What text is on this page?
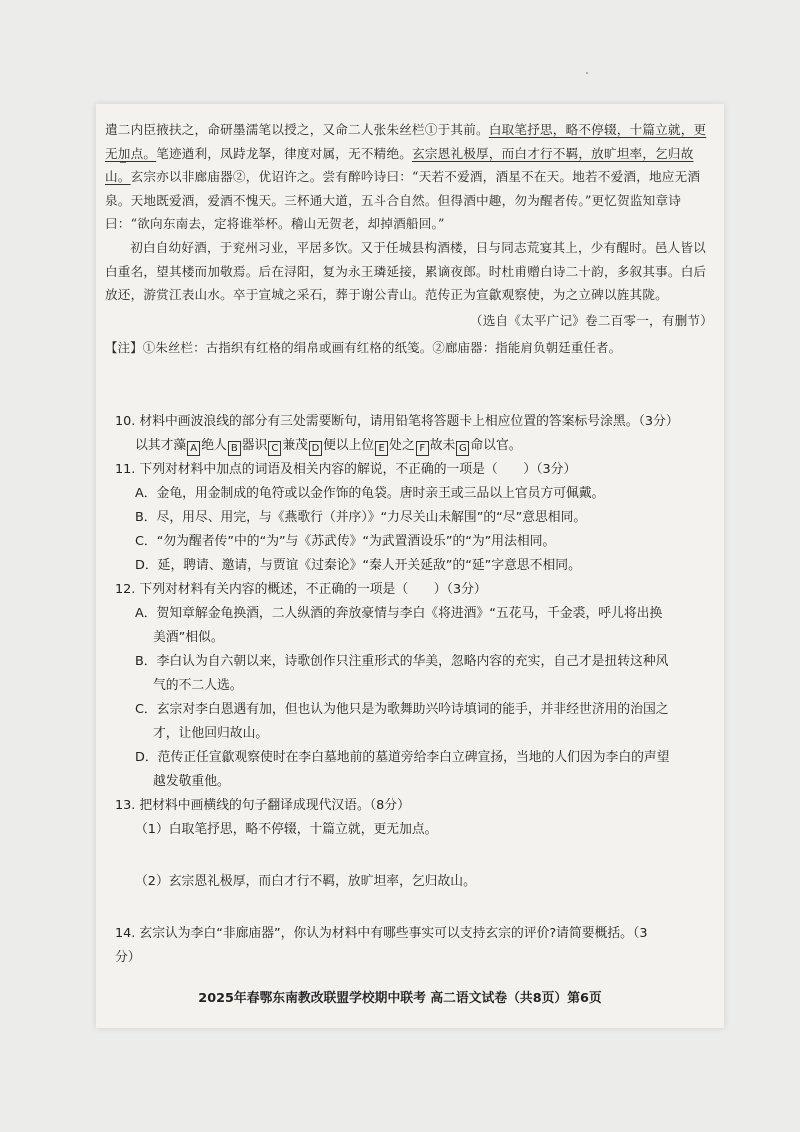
遣二内臣掖扶之，命研墨濡笔以授之，又命二人张朱丝栏①于其前。白取笔抒思，略不停辍，十篇立就，更无加点。笔迹遒利，凤跱龙拏，律度对属，无不精绝。玄宗恩礼极厚，而白才行不羁，放旷坦率，乞归故山。玄宗亦以非廊庙器②，优诏许之。尝有醉吟诗曰：“天若不爱酒，酒星不在天。地若不爱酒，地应无酒泉。天地既爱酒，爱酒不愧天。三杯通大道，五斗合自然。但得酒中趣，勿为醒者传。”更忆贺监知章诗曰：“欲向东南去，定将谁举杯。稽山无贺老，却掉酒船回。”

初白自幼好酒，于兖州习业，平居多饮。又于任城县构酒楼，日与同志荒宴其上，少有醒时。邑人皆以白重名，望其楼而加敬焉。后在浔阳，复为永王璘延接，累谪夜郎。时杜甫赠白诗二十韵，多叙其事。白后放还，游赏江表山水。卒于宣城之采石，葬于谢公青山。范传正为宣歙观察使，为之立碑以旌其陇。

（选自《太平广记》卷二百零一，有删节）

【注】①朱丝栏：古指织有红格的绢帛或画有红格的纸笺。②廊庙器：指能肩负朝廷重任者。

10. 材料中画波浪线的部分有三处需要断句，请用铅笔将答题卡上相应位置的答案标号涂黑。（3分）

以其才藻 A 绝人 B 器识 C 兼茂 D 便以上位 E 处之 F 故未 G 命以官。

11. 下列对材料中加点的词语及相关内容的解说，不正确的一项是（　　）（3分）

A．金龟，用金制成的龟符或以金作饰的龟袋。唐时亲王或三品以上官员方可佩戴。

B．尽，用尽、用完，与《燕歌行（并序）》“力尽关山未解围”的“尽”意思相同。

C．“勿为醒者传”中的“为”与《苏武传》“为武置酒设乐”的“为”用法相同。

D．延，聘请、邀请，与贾谊《过秦论》“秦人开关延敌”的“延”字意思不相同。

12. 下列对材料有关内容的概述，不正确的一项是（　　）（3分）

A．贺知章解金龟换酒，二人纵酒的奔放豪情与李白《将进酒》“五花马，千金裘，呼儿将出换
美酒”相似。

B．李白认为自六朝以来，诗歌创作只注重形式的华美，忽略内容的充实，自己才是扭转这种风
气的不二人选。

C．玄宗对李白恩遇有加，但也认为他只是为歌舞助兴吟诗填词的能手，并非经世济用的治国之
才，让他回归故山。

D．范传正任宣歙观察使时在李白墓地前的墓道旁给李白立碑宣扬，当地的人们因为李白的声望
越发敬重他。

13. 把材料中画横线的句子翻译成现代汉语。（8分）

（1）白取笔抒思，略不停辍，十篇立就，更无加点。

（2）玄宗恩礼极厚，而白才行不羁，放旷坦率，乞归故山。

14. 玄宗认为李白“非廊庙器”，你认为材料中有哪些事实可以支持玄宗的评价?请简要概括。（3

分）

2025年春鄂东南教改联盟学校期中联考 高二语文试卷（共8页）第6页
